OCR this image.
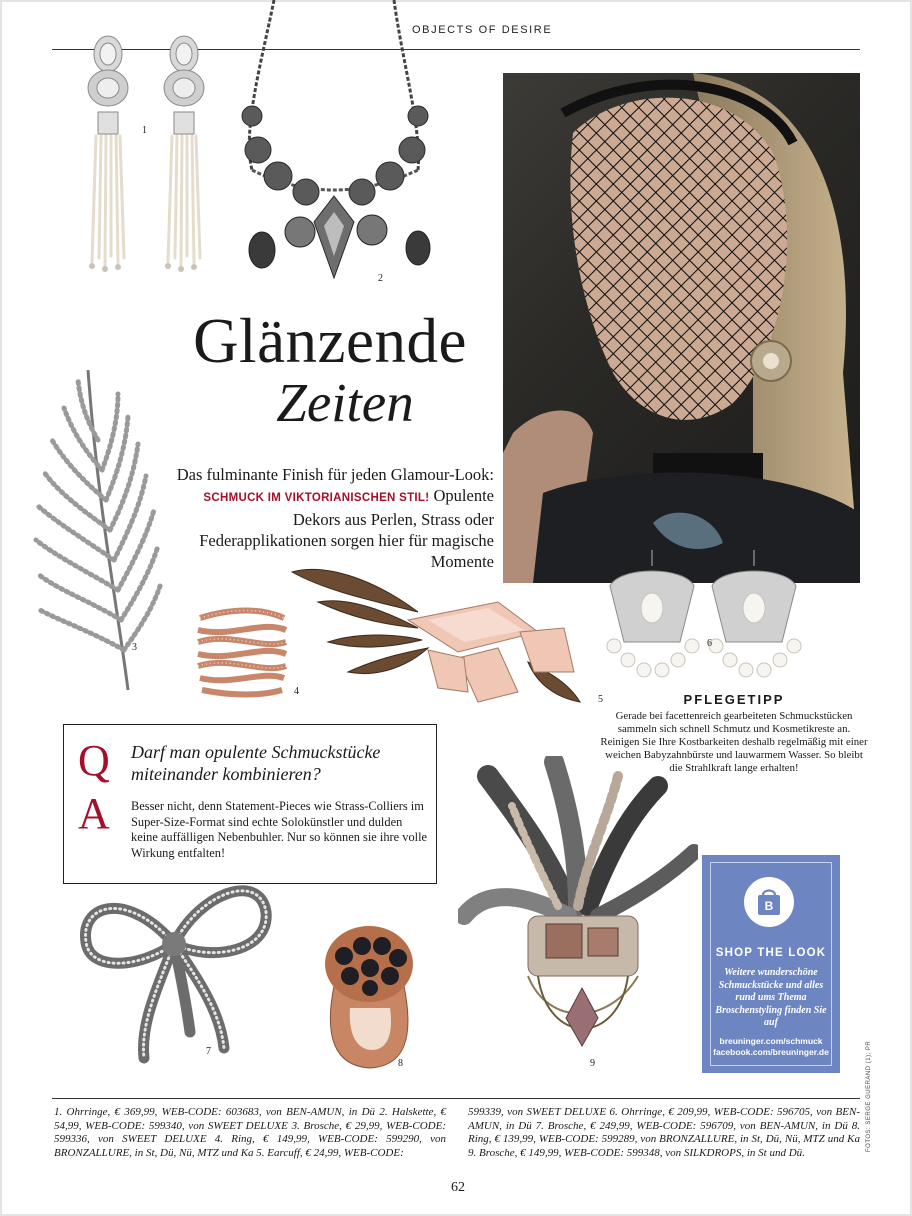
OBJECTS OF DESIRE
1
2
Glänzende
Zeiten
Das fulminante Finish für jeden Glamour-Look:
SCHMUCK IM VIKTORIANISCHEN STIL! Opulente Dekors aus Perlen, Strass oder Federapplikationen sorgen hier für magische Momente
3
4
5
6
PFLEGETIPP
Gerade bei facettenreich gearbeiteten Schmuckstücken sammeln sich schnell Schmutz und Kosmetikreste an. Reinigen Sie Ihre Kostbarkeiten deshalb regelmäßig mit einer weichen Babyzahnbürste und lauwarmem Wasser. So bleibt die Strahlkraft lange erhalten!
Q
A
Darf man opulente Schmuckstücke miteinander kombinieren?
Besser nicht, denn Statement-Pieces wie Strass-Colliers im Super-Size-Format sind echte Solokünstler und dulden keine auffälligen Nebenbuhler. Nur so können sie ihre volle Wirkung entfalten!
9
7
8
B
SHOP THE LOOK
Weitere wunderschöne Schmuckstücke und alles rund ums Thema Broschenstyling finden Sie auf
breuninger.com/schmuck
facebook.com/breuninger.de	FOTOS: SERGE GUERAND (1); PR
1. Ohrringe, € 369,99, WEB-CODE: 603683, von BEN-AMUN, in Dü 2. Halskette, € 54,99, WEB-CODE: 599340, von SWEET DELUXE 3. Brosche, € 29,99, WEB-CODE: 599336, von SWEET DELUXE 4. Ring, € 149,99, WEB-CODE: 599290, von BRONZALLURE, in St, Dü, Nü, MTZ und Ka 5. Earcuff, € 24,99, WEB-CODE:
599339, von SWEET DELUXE 6. Ohrringe, € 209,99, WEB-CODE: 596705, von BEN-AMUN, in Dü 7. Brosche, € 249,99, WEB-CODE: 596709, von BEN-AMUN, in Dü 8. Ring, € 139,99, WEB-CODE: 599289, von BRONZALLURE, in St, Dü, Nü, MTZ und Ka 9. Brosche, € 149,99, WEB-CODE: 599348, von SILKDROPS, in St und Dü.
62
